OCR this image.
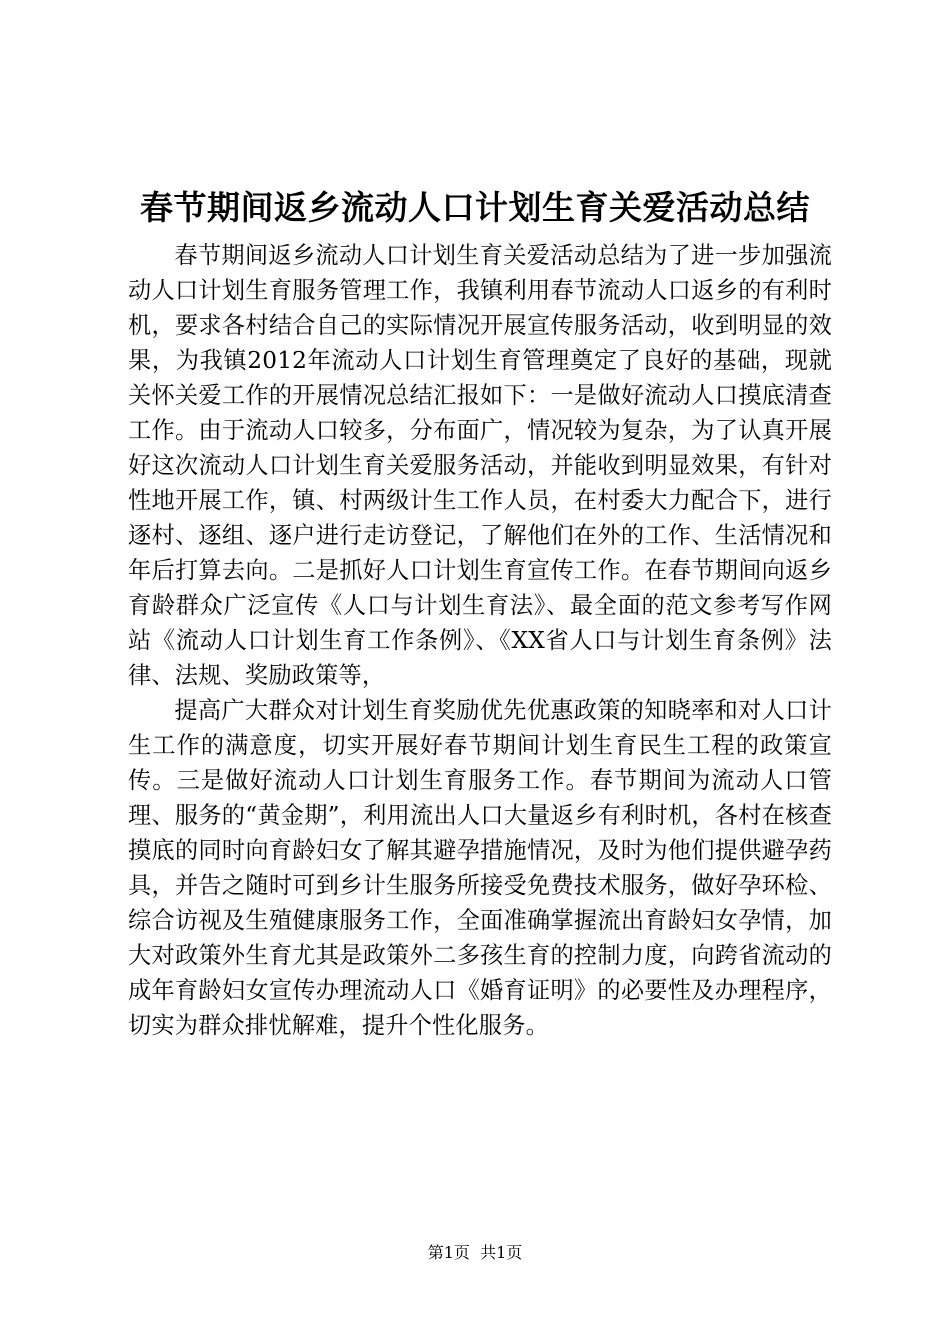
春节期间返乡流动人口计划生育关爱活动总结

春节期间返乡流动人口计划生育关爱活动总结为了进一步加强流动人口计划生育服务管理工作，我镇利用春节流动人口返乡的有利时机，要求各村结合自己的实际情况开展宣传服务活动，收到明显的效果，为我镇2012年流动人口计划生育管理奠定了良好的基础，现就关怀关爱工作的开展情况总结汇报如下：一是做好流动人口摸底清查工作。由于流动人口较多，分布面广，情况较为复杂，为了认真开展好这次流动人口计划生育关爱服务活动，并能收到明显效果，有针对性地开展工作，镇、村两级计生工作人员，在村委大力配合下，进行逐村、逐组、逐户进行走访登记，了解他们在外的工作、生活情况和年后打算去向。二是抓好人口计划生育宣传工作。在春节期间向返乡育龄群众广泛宣传《人口与计划生育法》、最全面的范文参考写作网站《流动人口计划生育工作条例》、《XX省人口与计划生育条例》法律、法规、奖励政策等，

提高广大群众对计划生育奖励优先优惠政策的知晓率和对人口计生工作的满意度，切实开展好春节期间计划生育民生工程的政策宣传。三是做好流动人口计划生育服务工作。春节期间为流动人口管理、服务的“黄金期”，利用流出人口大量返乡有利时机，各村在核查摸底的同时向育龄妇女了解其避孕措施情况，及时为他们提供避孕药具，并告之随时可到乡计生服务所接受免费技术服务，做好孕环检、综合访视及生殖健康服务工作，全面准确掌握流出育龄妇女孕情，加大对政策外生育尤其是政策外二多孩生育的控制力度，向跨省流动的成年育龄妇女宣传办理流动人口《婚育证明》的必要性及办理程序，切实为群众排忧解难，提升个性化服务。

第1页  共1页
